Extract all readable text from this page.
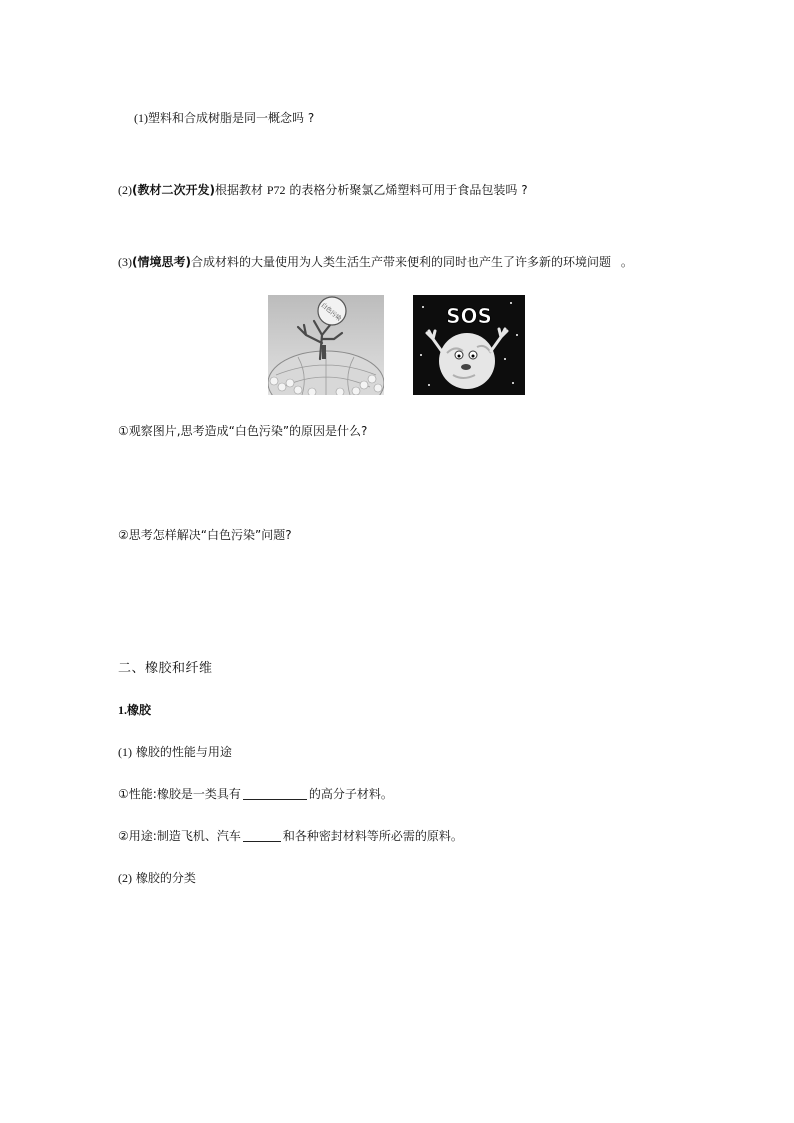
(1)塑料和合成树脂是同一概念吗 ?
(2)(教材二次开发)根据教材 P72 的表格分析聚氯乙烯塑料可用于食品包装吗 ?
(3)(情境思考)合成材料的大量使用为人类生活生产带来便利的同时也产生了许多新的环境问题 。
白色污染	SOS
①观察图片,思考造成“白色污染”的原因是什么?
②思考怎样解决“白色污染”问题?
二、橡胶和纤维
1.橡胶
(1) 橡胶的性能与用途
①性能:橡胶是一类具有	的高分子材料。
②用途:制造飞机、汽车	和各种密封材料等所必需的原料。
(2) 橡胶的分类
